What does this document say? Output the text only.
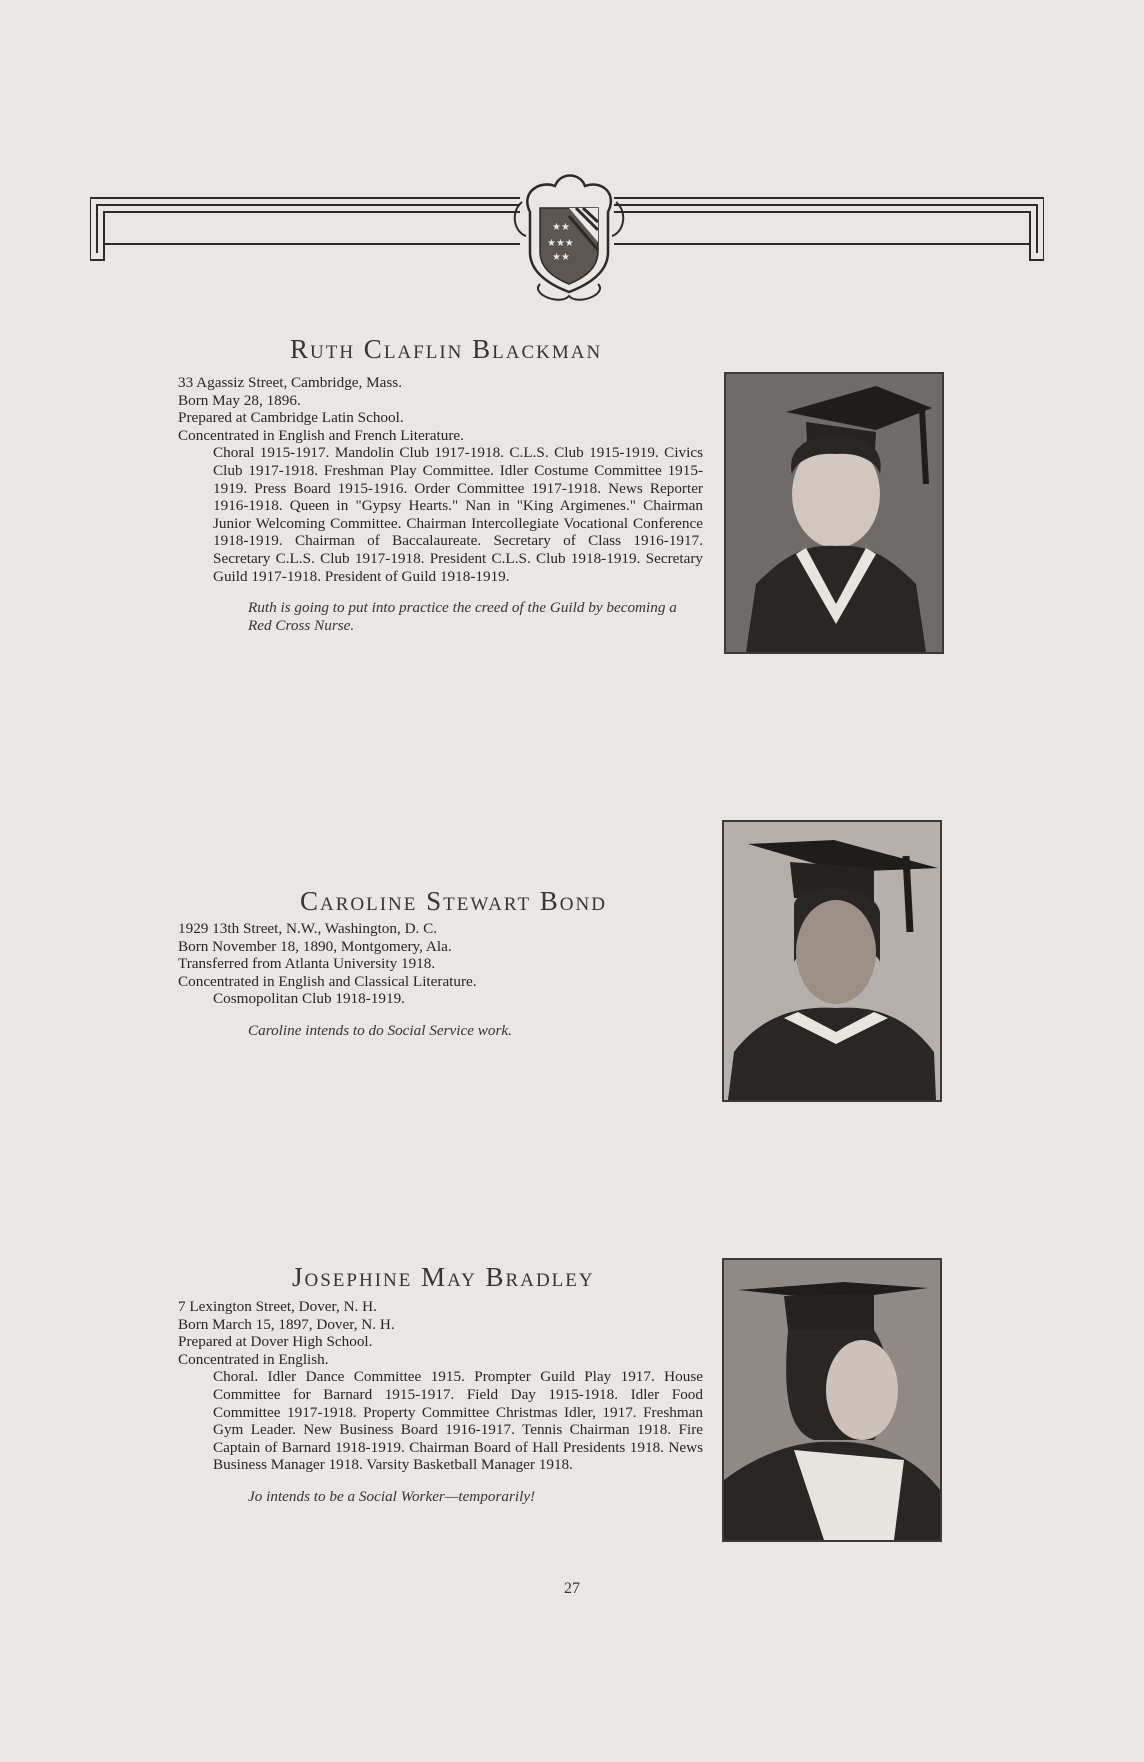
★★
★★★
★★
Ruth Claflin Blackman
33 Agassiz Street, Cambridge, Mass.
Born May 28, 1896.
Prepared at Cambridge Latin School.
Concentrated in English and French Literature.
Choral 1915-1917. Mandolin Club 1917-1918. C.L.S. Club 1915-1919. Civics Club 1917-1918. Freshman Play Committee. Idler Costume Committee 1915-1919. Press Board 1915-1916. Order Committee 1917-1918. News Reporter 1916-1918. Queen in "Gypsy Hearts." Nan in "King Argimenes." Chairman Junior Welcoming Committee. Chairman Intercollegiate Vocational Conference 1918-1919. Chairman of Baccalaureate. Secretary of Class 1916-1917. Secretary C.L.S. Club 1917-1918. President C.L.S. Club 1918-1919. Secretary Guild 1917-1918. President of Guild 1918-1919.
Ruth is going to put into practice the creed of the Guild by becoming a Red Cross Nurse.
Caroline Stewart Bond
1929 13th Street, N.W., Washington, D. C.
Born November 18, 1890, Montgomery, Ala.
Transferred from Atlanta University 1918.
Concentrated in English and Classical Literature.
Cosmopolitan Club 1918-1919.
Caroline intends to do Social Service work.
Josephine May Bradley
7 Lexington Street, Dover, N. H.
Born March 15, 1897, Dover, N. H.
Prepared at Dover High School.
Concentrated in English.
Choral. Idler Dance Committee 1915. Prompter Guild Play 1917. House Committee for Barnard 1915-1917. Field Day 1915-1918. Idler Food Committee 1917-1918. Property Committee Christmas Idler, 1917. Freshman Gym Leader. New Business Board 1916-1917. Tennis Chairman 1918. Fire Captain of Barnard 1918-1919. Chairman Board of Hall Presidents 1918. News Business Manager 1918. Varsity Basketball Manager 1918.
Jo intends to be a Social Worker—temporarily!
27
